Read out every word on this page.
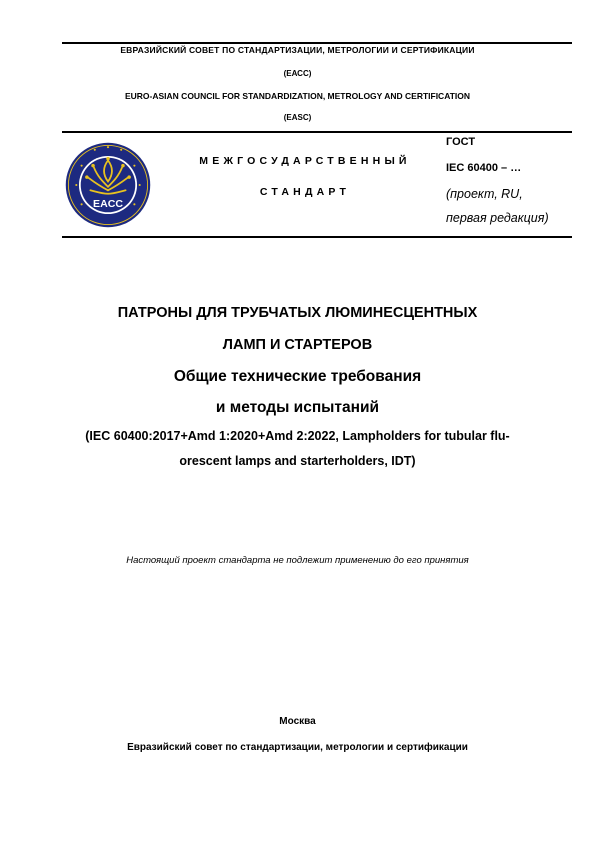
ЕВРАЗИЙСКИЙ СОВЕТ ПО СТАНДАРТИЗАЦИИ, МЕТРОЛОГИИ И СЕРТИФИКАЦИИ
(ЕАСС)
EURO-ASIAN COUNCIL FOR STANDARDIZATION, METROLOGY AND CERTIFICATION
(EASC)
EACC
МЕЖГОСУДАРСТВЕННЫЙ
СТАНДАРТ
ГОСТ
IEC 60400 – …
(проект, RU,
первая редакция)
ПАТРОНЫ ДЛЯ ТРУБЧАТЫХ ЛЮМИНЕСЦЕНТНЫХ
ЛАМП И СТАРТЕРОВ
Общие технические требования
и методы испытаний
(IEC 60400:2017+Amd 1:2020+Amd 2:2022, Lampholders for tubular flu-
orescent lamps and starterholders, IDT)
Настоящий проект стандарта не подлежит применению до его принятия
Москва
Евразийский совет по стандартизации, метрологии и сертификации
